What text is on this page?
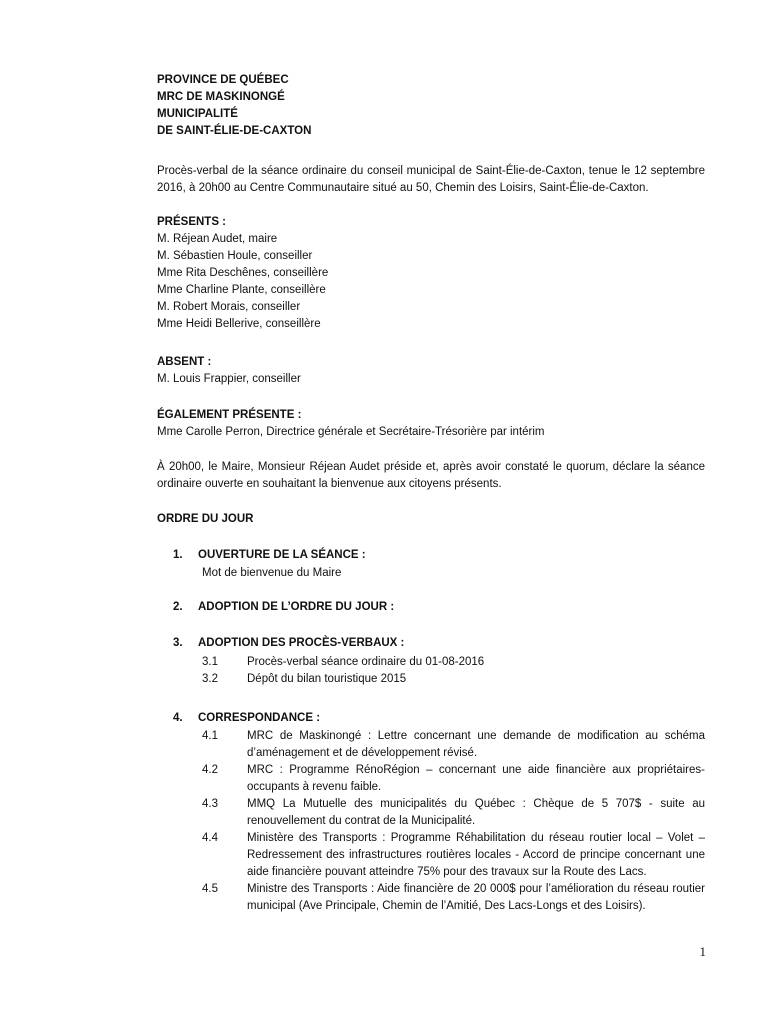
PROVINCE DE QUÉBEC
MRC DE MASKINONGÉ
MUNICIPALITÉ
DE SAINT-ÉLIE-DE-CAXTON
Procès-verbal de la séance ordinaire du conseil municipal de Saint-Élie-de-Caxton, tenue le 12 septembre 2016, à 20h00 au Centre Communautaire situé au 50, Chemin des Loisirs, Saint-Élie-de-Caxton.
PRÉSENTS :
M. Réjean Audet, maire
M. Sébastien Houle, conseiller
Mme Rita Deschênes, conseillère
Mme Charline Plante, conseillère
M. Robert Morais, conseiller
Mme Heidi Bellerive, conseillère
ABSENT :
M. Louis Frappier, conseiller
ÉGALEMENT PRÉSENTE :
Mme Carolle Perron, Directrice générale et Secrétaire-Trésorière par intérim
À 20h00, le Maire, Monsieur Réjean Audet préside et, après avoir constaté le quorum, déclare la séance ordinaire ouverte en souhaitant la bienvenue aux citoyens présents.
ORDRE DU JOUR
1.	OUVERTURE DE LA SÉANCE :
Mot de bienvenue du Maire
2.	ADOPTION DE L’ORDRE DU JOUR :
3.	ADOPTION DES PROCÈS-VERBAUX :
3.1	Procès-verbal séance ordinaire du 01-08-2016
3.2	Dépôt du bilan touristique 2015
4.	CORRESPONDANCE :
4.1	MRC de Maskinongé : Lettre concernant une demande de modification au schéma d’aménagement et de développement révisé.
4.2	MRC : Programme RénoRégion – concernant une aide financière aux propriétaires-occupants à revenu faible.
4.3	MMQ La Mutuelle des municipalités du Québec : Chèque de 5 707$ - suite au renouvellement du contrat de la Municipalité.
4.4	Ministère des Transports : Programme Réhabilitation du réseau routier local – Volet – Redressement des infrastructures routières locales - Accord de principe concernant une aide financière pouvant atteindre 75% pour des travaux sur la Route des Lacs.
4.5	Ministre des Transports : Aide financière de 20 000$ pour l’amélioration du réseau routier municipal (Ave Principale, Chemin de l’Amitié, Des Lacs-Longs et des Loisirs).
1
